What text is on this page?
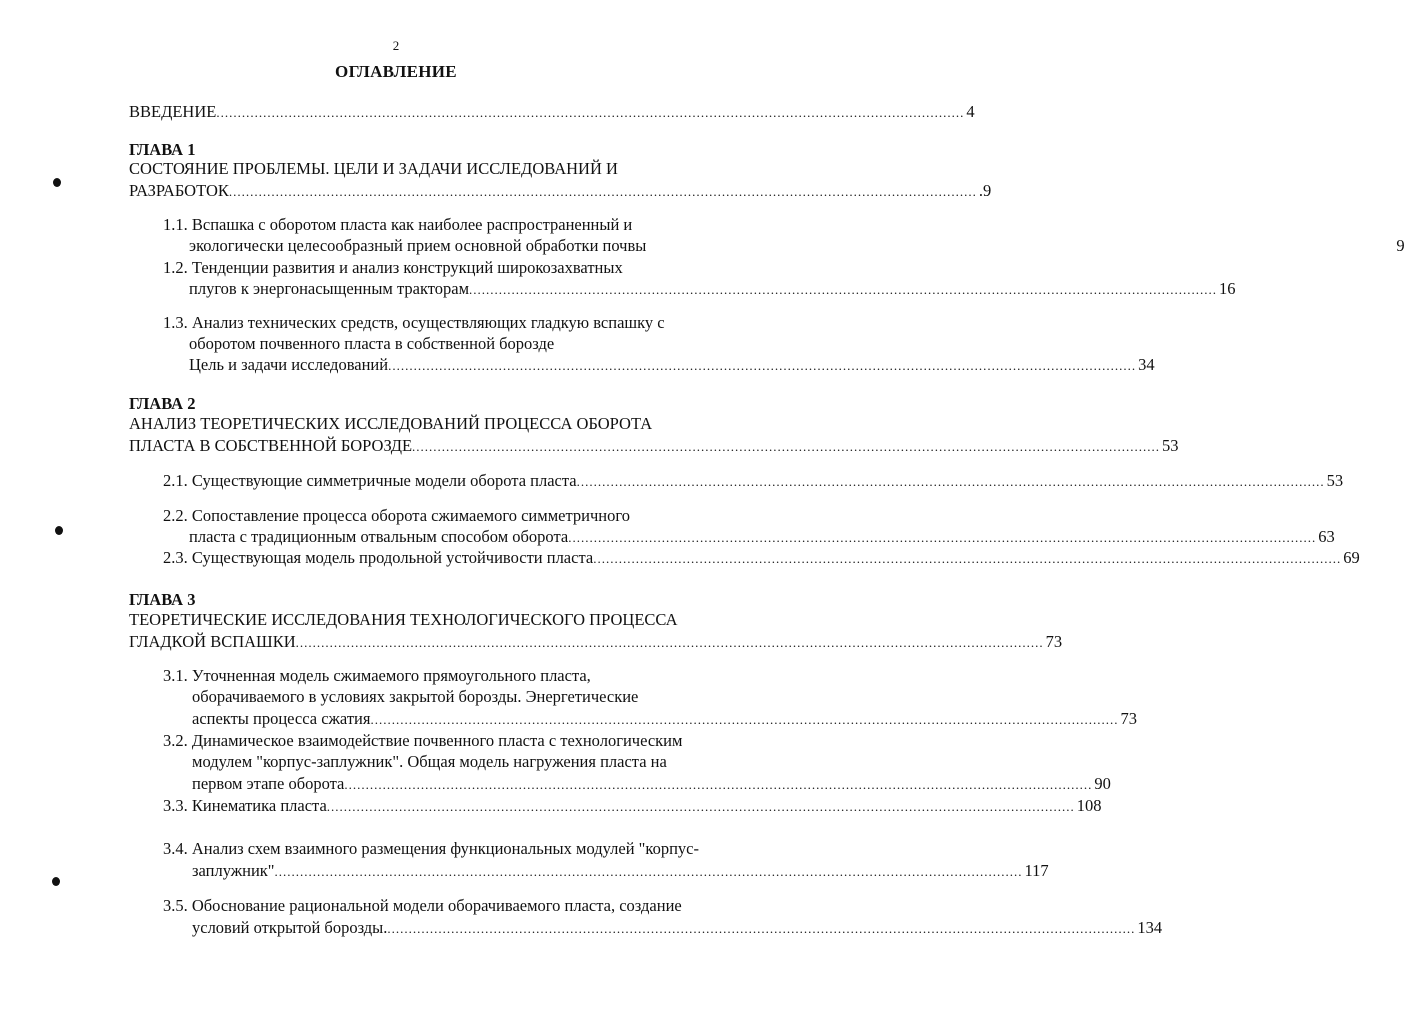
2
ОГЛАВЛЕНИЕ
ВВЕДЕНИЕ ................................................................................................................................................................................ 4
ГЛАВА 1
СОСТОЯНИЕ ПРОБЛЕМЫ. ЦЕЛИ И ЗАДАЧИ ИССЛЕДОВАНИЙ И
РАЗРАБОТОК ................................................................................................................................................................................ .9
1.1. Вспашка с оборотом пласта как наиболее распространенный и
экологически целесообразный прием основной обработки почвы	9
1.2. Тенденции развития и анализ конструкций широкозахватных
плугов к энергонасыщенным тракторам ................................................................................................................................................................................ 16
1.3. Анализ технических средств, осуществляющих гладкую вспашку с
оборотом почвенного пласта в собственной борозде
Цель и задачи исследований ................................................................................................................................................................................ 34
ГЛАВА 2
АНАЛИЗ ТЕОРЕТИЧЕСКИХ ИССЛЕДОВАНИЙ ПРОЦЕССА ОБОРОТА
ПЛАСТА В СОБСТВЕННОЙ БОРОЗДЕ ................................................................................................................................................................................ 53
2.1. Существующие симметричные модели оборота пласта ................................................................................................................................................................................ 53
2.2. Сопоставление процесса оборота сжимаемого симметричного
пласта с традиционным отвальным способом оборота ................................................................................................................................................................................ 63
2.3. Существующая модель продольной устойчивости пласта ................................................................................................................................................................................ 69
ГЛАВА 3
ТЕОРЕТИЧЕСКИЕ ИССЛЕДОВАНИЯ ТЕХНОЛОГИЧЕСКОГО ПРОЦЕССА
ГЛАДКОЙ ВСПАШКИ ................................................................................................................................................................................ 73
3.1. Уточненная модель сжимаемого прямоугольного пласта,
оборачиваемого в условиях закрытой борозды. Энергетические
аспекты процесса сжатия ................................................................................................................................................................................ 73
3.2. Динамическое взаимодействие почвенного пласта с технологическим
модулем "корпус-заплужник". Общая модель нагружения пласта на
первом этапе оборота ................................................................................................................................................................................ 90
3.3. Кинематика пласта ................................................................................................................................................................................ 108
3.4. Анализ схем взаимного размещения функциональных модулей "корпус-
заплужник" ................................................................................................................................................................................ 117
3.5. Обоснование рациональной модели оборачиваемого пласта, создание
условий открытой борозды. ................................................................................................................................................................................ 134
